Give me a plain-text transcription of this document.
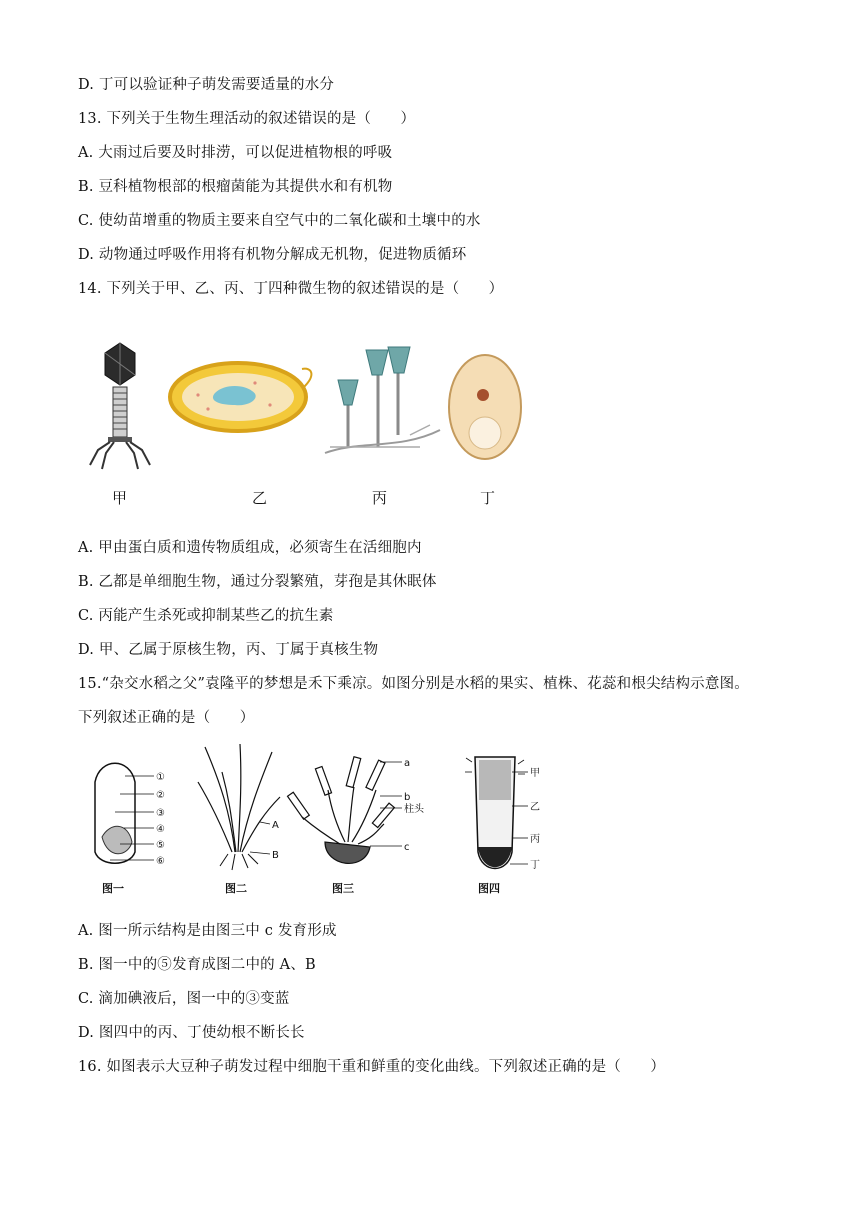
D. 丁可以验证种子萌发需要适量的水分
13. 下列关于生物生理活动的叙述错误的是（　　）
A. 大雨过后要及时排涝，可以促进植物根的呼吸
B. 豆科植物根部的根瘤菌能为其提供水和有机物
C. 使幼苗增重的物质主要来自空气中的二氧化碳和土壤中的水
D. 动物通过呼吸作用将有机物分解成无机物，促进物质循环
14. 下列关于甲、乙、丙、丁四种微生物的叙述错误的是（　　）
甲	乙	丙	丁
A. 甲由蛋白质和遗传物质组成，必须寄生在活细胞内
B. 乙都是单细胞生物，通过分裂繁殖，芽孢是其休眠体
C. 丙能产生杀死或抑制某些乙的抗生素
D. 甲、乙属于原核生物，丙、丁属于真核生物
15.“杂交水稻之父”袁隆平的梦想是禾下乘凉。如图分别是水稻的果实、植株、花蕊和根尖结构示意图。
下列叙述正确的是（　　）
①
②
③
④
⑤
⑥
图一
A
B
图二
a
b
柱头
c
图三
甲
乙
丙
丁
图四
A. 图一所示结构是由图三中 c 发育形成
B. 图一中的⑤发育成图二中的 A、B
C. 滴加碘液后，图一中的③变蓝
D. 图四中的丙、丁使幼根不断长长
16. 如图表示大豆种子萌发过程中细胞干重和鲜重的变化曲线。下列叙述正确的是（　　）
